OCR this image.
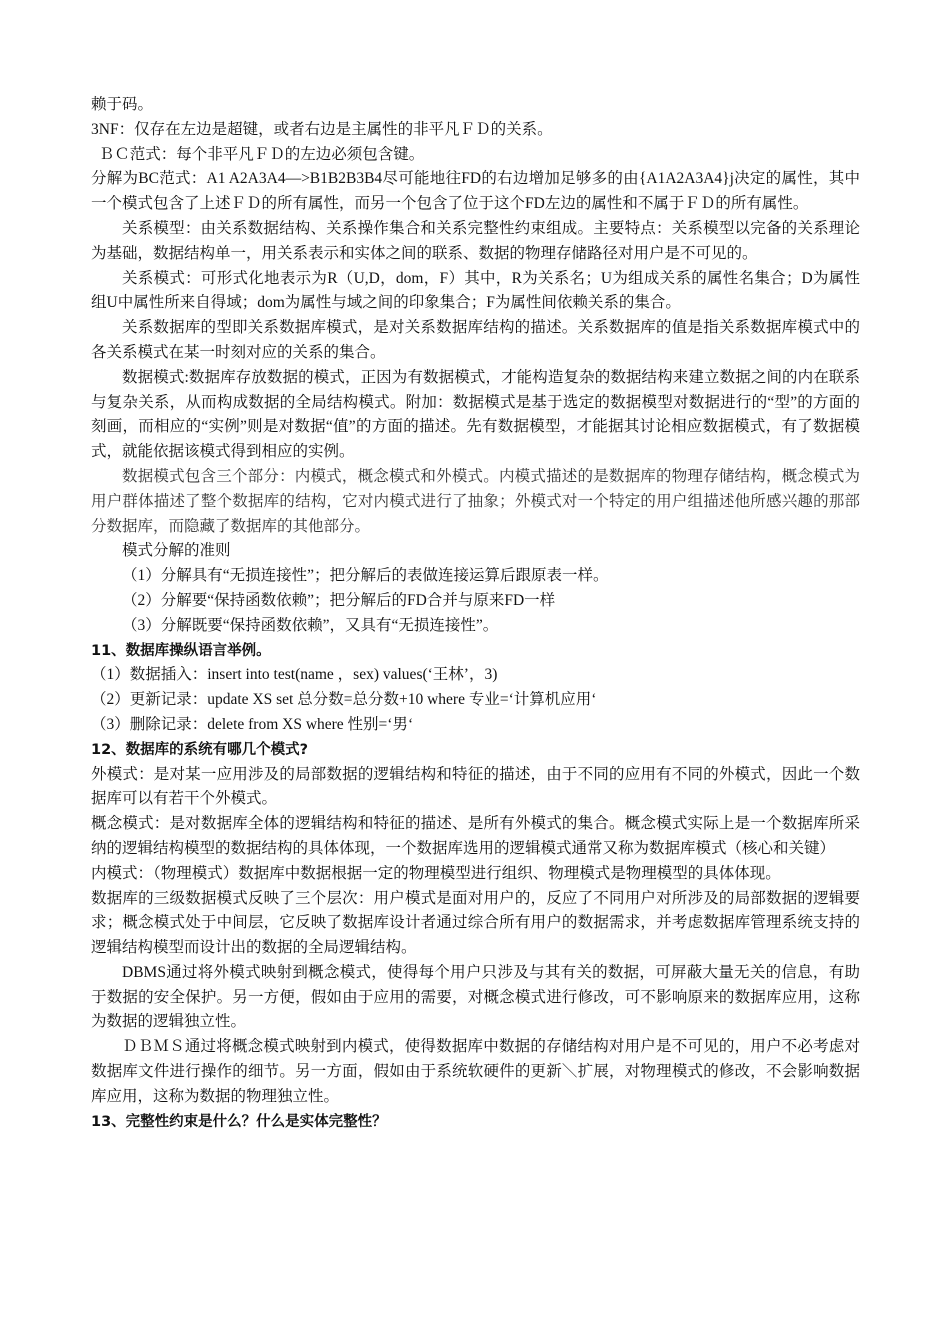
赖于码。

3NF：仅存在左边是超键，或者右边是主属性的非平凡ＦＤ的关系。

ＢＣ范式：每个非平凡ＦＤ的左边必须包含键。

分解为BC范式：A1 A2A3A4—>B1B2B3B4尽可能地往FD的右边增加足够多的由{A1A2A3A4}j决定的属性，其中一个模式包含了上述ＦＤ的所有属性，而另一个包含了位于这个FD左边的属性和不属于ＦＤ的所有属性。

关系模型：由关系数据结构、关系操作集合和关系完整性约束组成。主要特点：关系模型以完备的关系理论为基础，数据结构单一，用关系表示和实体之间的联系、数据的物理存储路径对用户是不可见的。

关系模式：可形式化地表示为R（U,D，dom，F）其中，R为关系名；U为组成关系的属性名集合；D为属性组U中属性所来自得域；dom为属性与域之间的印象集合；F为属性间依赖关系的集合。

关系数据库的型即关系数据库模式，是对关系数据库结构的描述。关系数据库的值是指关系数据库模式中的各关系模式在某一时刻对应的关系的集合。

数据模式:数据库存放数据的模式，正因为有数据模式，才能构造复杂的数据结构来建立数据之间的内在联系与复杂关系，从而构成数据的全局结构模式。附加：数据模式是基于选定的数据模型对数据进行的“型”的方面的刻画，而相应的“实例”则是对数据“值”的方面的描述。先有数据模型，才能据其讨论相应数据模式，有了数据模式，就能依据该模式得到相应的实例。

数据模式包含三个部分：内模式，概念模式和外模式。内模式描述的是数据库的物理存储结构，概念模式为用户群体描述了整个数据库的结构，它对内模式进行了抽象；外模式对一个特定的用户组描述他所感兴趣的那部分数据库，而隐藏了数据库的其他部分。

模式分解的准则

（1）分解具有“无损连接性”；把分解后的表做连接运算后跟原表一样。

（2）分解要“保持函数依赖”；把分解后的FD合并与原来FD一样

（3）分解既要“保持函数依赖”，又具有“无损连接性”。

11、数据库操纵语言举例。

（1）数据插入：insert into test(name ，sex) values(‘王林’，3)

（2）更新记录：update XS set 总分数=总分数+10 where 专业=‘计算机应用‘

（3）删除记录：delete from XS where 性别=‘男‘

12、数据库的系统有哪几个模式?

外模式：是对某一应用涉及的局部数据的逻辑结构和特征的描述，由于不同的应用有不同的外模式，因此一个数据库可以有若干个外模式。

概念模式：是对数据库全体的逻辑结构和特征的描述、是所有外模式的集合。概念模式实际上是一个数据库所采纳的逻辑结构模型的数据结构的具体体现，一个数据库选用的逻辑模式通常又称为数据库模式（核心和关键）

内模式：（物理模式）数据库中数据根据一定的物理模型进行组织、物理模式是物理模型的具体体现。

数据库的三级数据模式反映了三个层次：用户模式是面对用户的，反应了不同用户对所涉及的局部数据的逻辑要求；概念模式处于中间层，它反映了数据库设计者通过综合所有用户的数据需求，并考虑数据库管理系统支持的逻辑结构模型而设计出的数据的全局逻辑结构。

DBMS通过将外模式映射到概念模式，使得每个用户只涉及与其有关的数据，可屏蔽大量无关的信息，有助于数据的安全保护。另一方便，假如由于应用的需要，对概念模式进行修改，可不影响原来的数据库应用，这称为数据的逻辑独立性。

ＤＢＭＳ通过将概念模式映射到内模式，使得数据库中数据的存储结构对用户是不可见的，用户不必考虑对数据库文件进行操作的细节。另一方面，假如由于系统软硬件的更新＼扩展，对物理模式的修改，不会影响数据库应用，这称为数据的物理独立性。

13、完整性约束是什么？什么是实体完整性？
